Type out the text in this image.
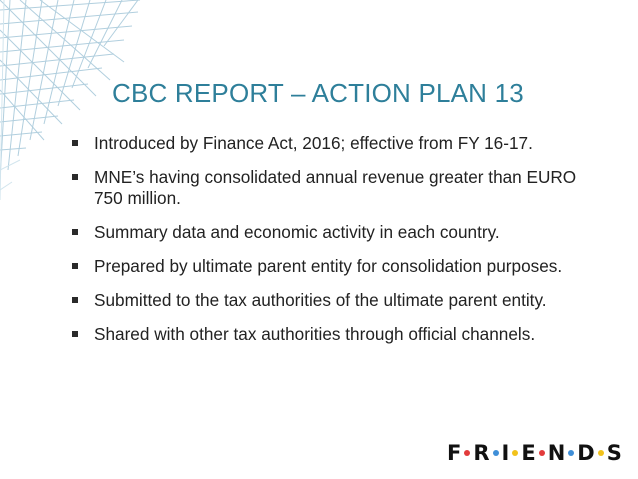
CBC REPORT – ACTION PLAN 13
Introduced by Finance Act, 2016; effective from FY 16-17.
MNE’s having consolidated annual revenue greater than EURO 750 million.
Summary data and economic activity in each country.
Prepared by ultimate parent entity for consolidation purposes.
Submitted to the tax authorities of the ultimate parent entity.
Shared with other tax authorities through official channels.
F R I E N D S
